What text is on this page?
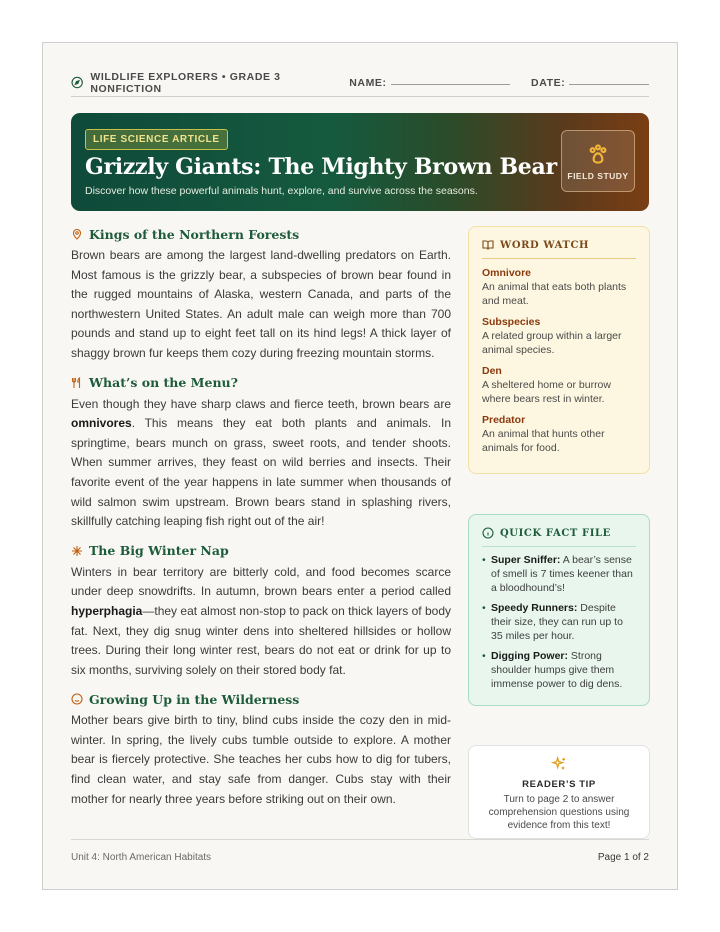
WILDLIFE EXPLORERS • GRADE 3 NONFICTION	NAME:	DATE:
LIFE SCIENCE ARTICLE
Grizzly Giants: The Mighty Brown Bear
Discover how these powerful animals hunt, explore, and survive across the seasons.
FIELD STUDY
Kings of the Northern Forests

Brown bears are among the largest land-dwelling predators on Earth. Most famous is the grizzly bear, a subspecies of brown bear found in the rugged mountains of Alaska, western Canada, and parts of the northwestern United States. An adult male can weigh more than 700 pounds and stand up to eight feet tall on its hind legs! A thick layer of shaggy brown fur keeps them cozy during freezing mountain storms.

What’s on the Menu?

Even though they have sharp claws and fierce teeth, brown bears are omnivores. This means they eat both plants and animals. In springtime, bears munch on grass, sweet roots, and tender shoots. When summer arrives, they feast on wild berries and insects. Their favorite event of the year happens in late summer when thousands of wild salmon swim upstream. Brown bears stand in splashing rivers, skillfully catching leaping fish right out of the air!

The Big Winter Nap

Winters in bear territory are bitterly cold, and food becomes scarce under deep snowdrifts. In autumn, brown bears enter a period called hyperphagia—they eat almost non-stop to pack on thick layers of body fat. Next, they dig snug winter dens into sheltered hillsides or hollow trees. During their long winter rest, bears do not eat or drink for up to six months, surviving solely on their stored body fat.

Growing Up in the Wilderness

Mother bears give birth to tiny, blind cubs inside the cozy den in mid-winter. In spring, the lively cubs tumble outside to explore. A mother bear is fiercely protective. She teaches her cubs how to dig for tubers, find clean water, and stay safe from danger. Cubs stay with their mother for nearly three years before striking out on their own.

WORD WATCH
Omnivore
An animal that eats both plants and meat.
Subspecies
A related group within a larger animal species.
Den
A sheltered home or burrow where bears rest in winter.
Predator
An animal that hunts other animals for food.
QUICK FACT FILE
• Super Sniffer: A bear’s sense of smell is 7 times keener than a bloodhound’s!
• Speedy Runners: Despite their size, they can run up to 35 miles per hour.
• Digging Power: Strong shoulder humps give them immense power to dig dens.
READER’S TIP
Turn to page 2 to answer comprehension questions using evidence from this text!
Unit 4: North American Habitats	Page 1 of 2
